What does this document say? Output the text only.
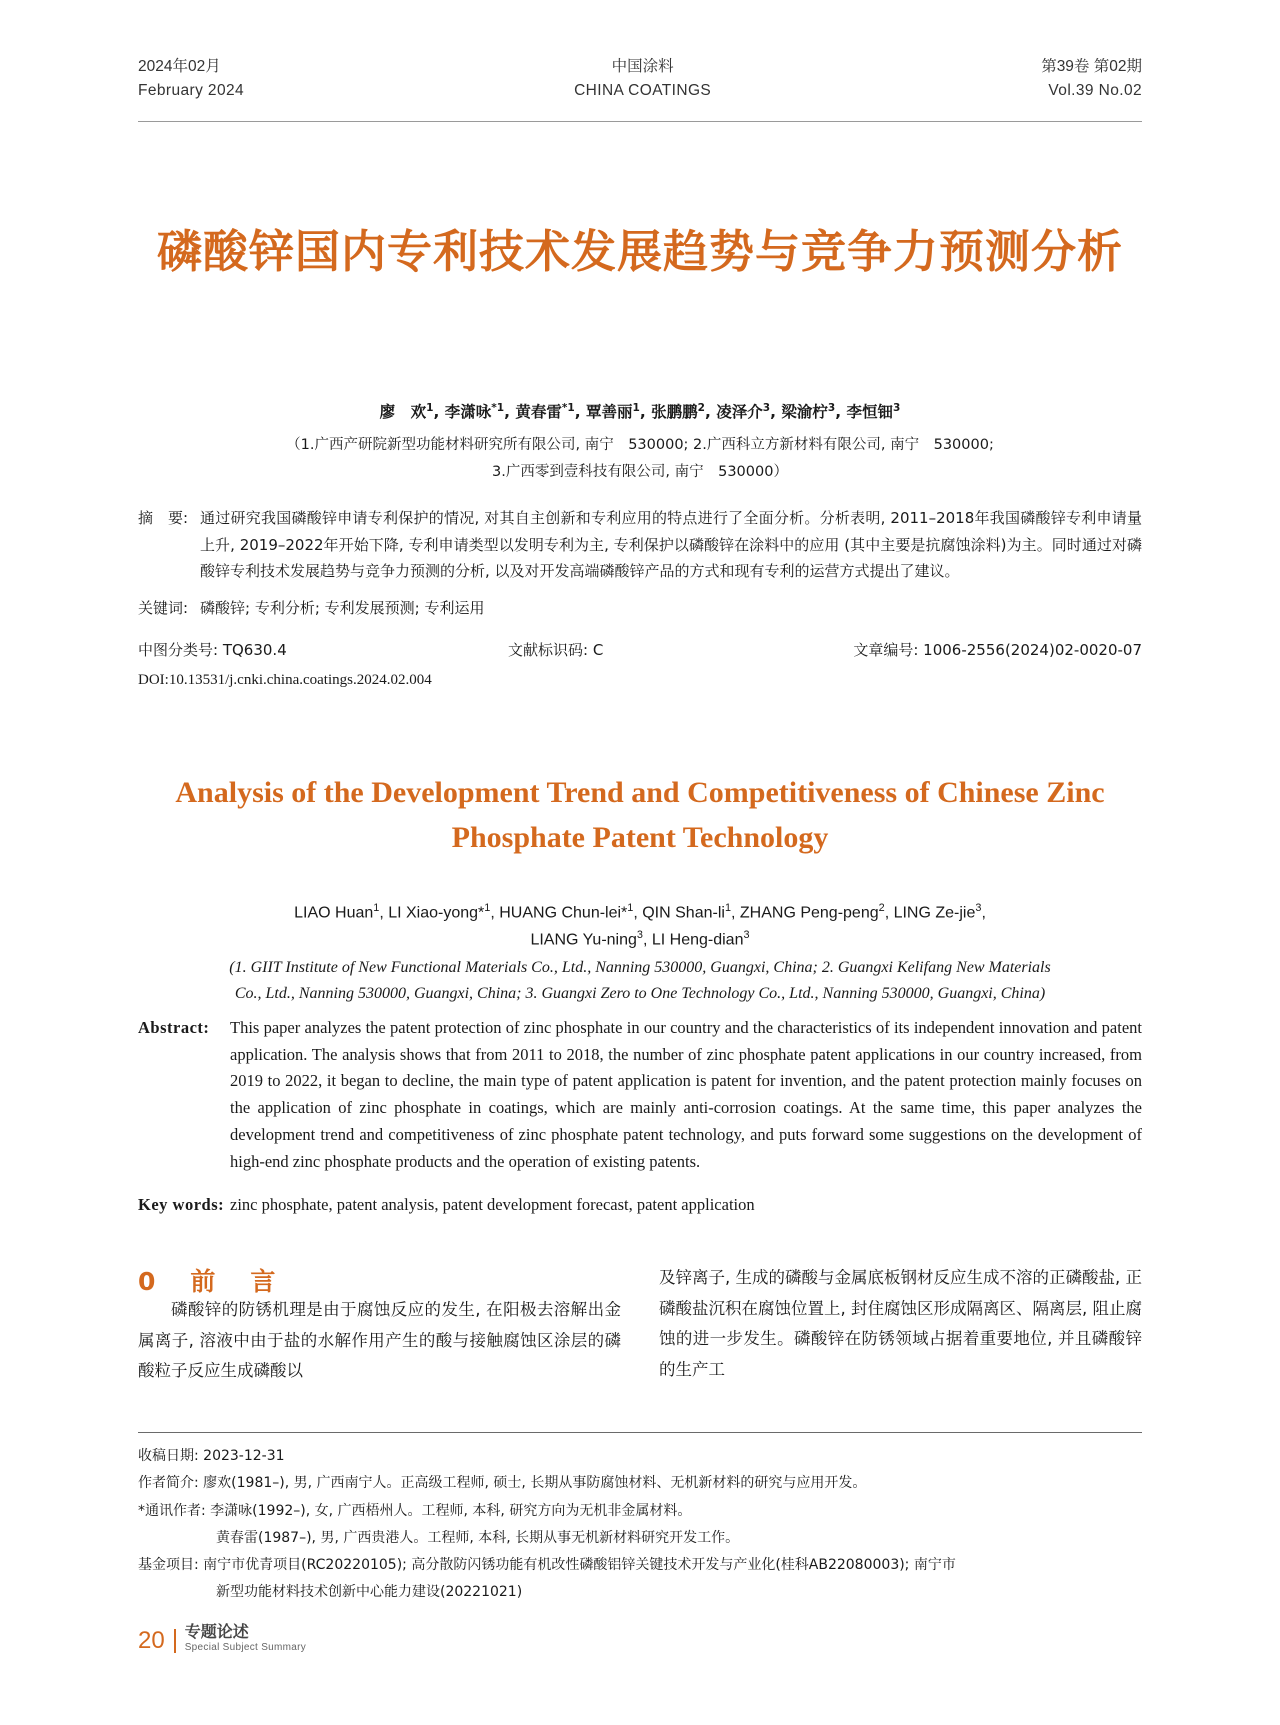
2024年02月
February 2024
中国涂料
CHINA COATINGS
第39卷 第02期
Vol.39 No.02
磷酸锌国内专利技术发展趋势与竞争力预测分析
廖　欢$^1$, 李潇咏$^{*1}$, 黄春雷$^{*1}$, 覃善丽$^1$, 张鹏鹏$^2$, 凌泽介$^3$, 梁渝柠$^3$, 李恒钿$^3$
（1.广西产研院新型功能材料研究所有限公司, 南宁　530000; 2.广西科立方新材料有限公司, 南宁　530000;
3.广西零到壹科技有限公司, 南宁　530000）
摘　要: 通过研究我国磷酸锌申请专利保护的情况, 对其自主创新和专利应用的特点进行了全面分析。分析表明, 2011–2018年我国磷酸锌专利申请量上升, 2019–2022年开始下降, 专利申请类型以发明专利为主, 专利保护以磷酸锌在涂料中的应用 (其中主要是抗腐蚀涂料)为主。同时通过对磷酸锌专利技术发展趋势与竞争力预测的分析, 以及对开发高端磷酸锌产品的方式和现有专利的运营方式提出了建议。
关键词: 磷酸锌; 专利分析; 专利发展预测; 专利运用
中图分类号: TQ630.4	文献标识码: C	文章编号: 1006-2556(2024)02-0020-07
DOI:10.13531/j.cnki.china.coatings.2024.02.004
Analysis of the Development Trend and Competitiveness of Chinese Zinc Phosphate Patent Technology
LIAO Huan$^1$, LI Xiao-yong*$^1$, HUANG Chun-lei*$^1$, QIN Shan-$li^1$, ZHANG Peng-peng$^2$, LING Ze-jie$^3$,
LIANG Yu-ning$^3$, LI Heng-dian$^3$
(1. GIIT Institute of New Functional Materials Co., Ltd., Nanning 530000, Guangxi, China; 2. Guangxi Kelifang New Materials
Co., Ltd., Nanning 530000, Guangxi, China; 3. Guangxi Zero to One Technology Co., Ltd., Nanning 530000, Guangxi, China)
Abstract:	This paper analyzes the patent protection of zinc phosphate in our country and the characteristics of its independent innovation and patent application. The analysis shows that from 2011 to 2018, the number of zinc phosphate patent applications in our country increased, from 2019 to 2022, it began to decline, the main type of patent application is patent for invention, and the patent protection mainly focuses on the application of zinc phosphate in coatings, which are mainly anti-corrosion coatings. At the same time, this paper analyzes the development trend and competitiveness of zinc phosphate patent technology, and puts forward some suggestions on the development of high-end zinc phosphate products and the operation of existing patents.
Key words: zinc phosphate, patent analysis, patent development forecast, patent application
0　前　言

磷酸锌的防锈机理是由于腐蚀反应的发生, 在阳极去溶解出金属离子, 溶液中由于盐的水解作用产生的酸与接触腐蚀区涂层的磷酸粒子反应生成磷酸以

及锌离子, 生成的磷酸与金属底板钢材反应生成不溶的正磷酸盐, 正磷酸盐沉积在腐蚀位置上, 封住腐蚀区形成隔离区、隔离层, 阻止腐蚀的进一步发生。磷酸锌在防锈领域占据着重要地位, 并且磷酸锌的生产工

收稿日期: 2023-12-31
作者简介: 廖欢(1981–), 男, 广西南宁人。正高级工程师, 硕士, 长期从事防腐蚀材料、无机新材料的研究与应用开发。
*通讯作者: 李潇咏(1992–), 女, 广西梧州人。工程师, 本科, 研究方向为无机非金属材料。
黄春雷(1987–), 男, 广西贵港人。工程师, 本科, 长期从事无机新材料研究开发工作。
基金项目: 南宁市优青项目(RC20220105); 高分散防闪锈功能有机改性磷酸铝锌关键技术开发与产业化(桂科AB22080003); 南宁市
新型功能材料技术创新中心能力建设(20221021)
20	专题论述
Special Subject Summary
